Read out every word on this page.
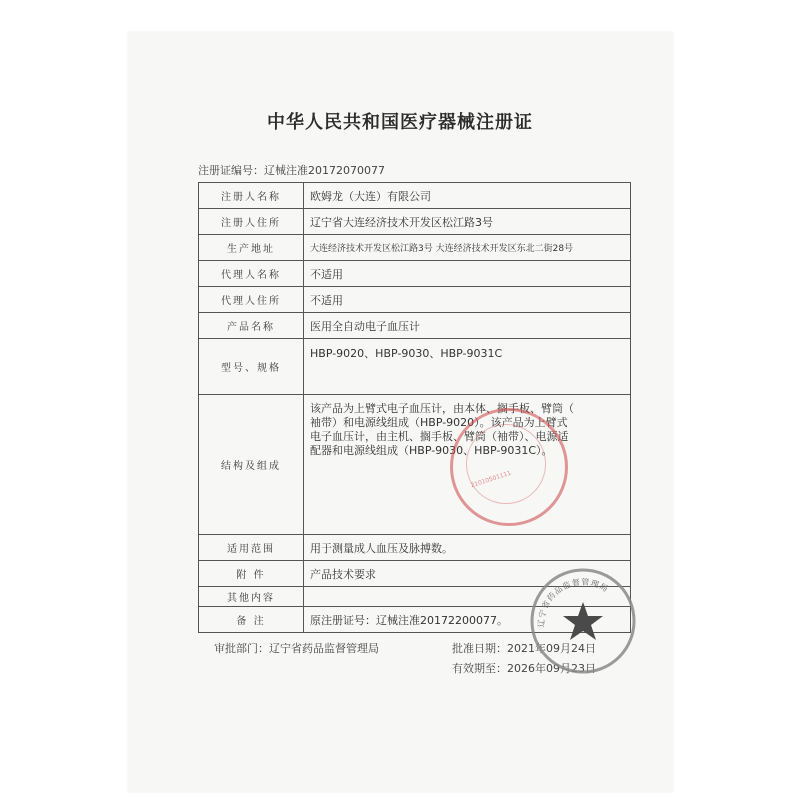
中华人民共和国医疗器械注册证
注册证编号：辽械注准20172070077
注册人名称	欧姆龙（大连）有限公司
注册人住所	辽宁省大连经济技术开发区松江路3号
生产地址	大连经济技术开发区松江路3号 大连经济技术开发区东北二街28号
代理人名称	不适用
代理人住所	不适用
产品名称	医用全自动电子血压计
型号、规格	HBP-9020、HBP-9030、HBP-9031C
结构及组成	该产品为上臂式电子血压计，由本体、搁手板、臂筒（
袖带）和电源线组成（HBP-9020）。该产品为上臂式
电子血压计，由主机、搁手板、臂筒（袖带）、电源适
配器和电源线组成（HBP-9030、HBP-9031C）。

适用范围	用于测量成人血压及脉搏数。
附 件	产品技术要求
其他内容	
备 注	原注册证号：辽械注准20172200077。
审批部门：辽宁省药品监督管理局	批准日期：2021年09月24日
有效期至：2026年09月23日
21010501111
辽宁省药品监督管理局
